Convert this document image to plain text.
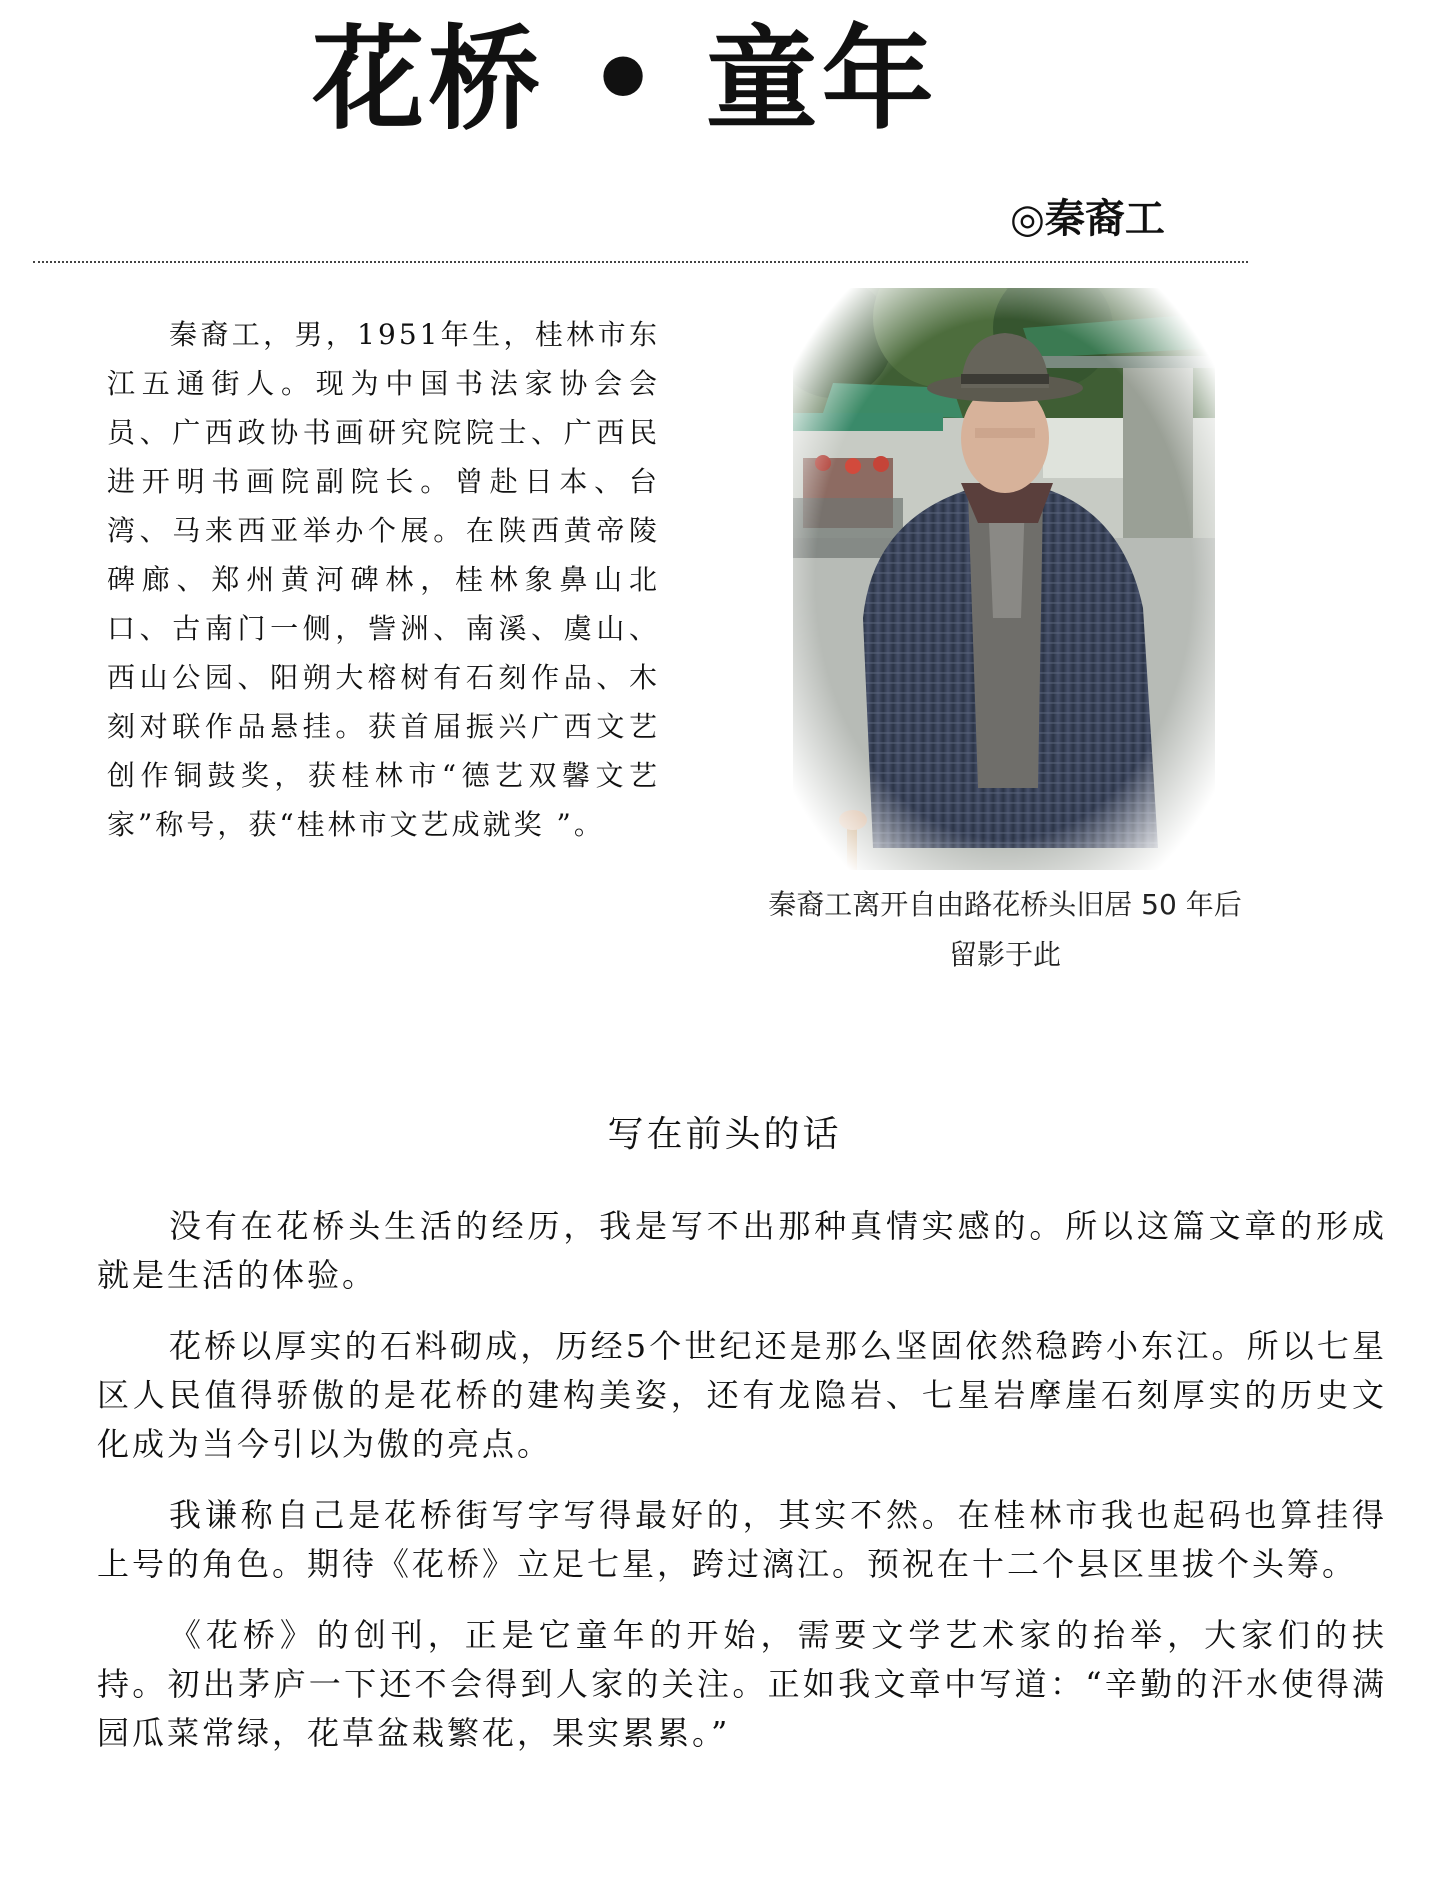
花桥 • 童年
◎秦裔工

秦裔工，男，1951年生，桂林市东江五通街人。现为中国书法家协会会员、广西政协书画研究院院士、广西民进开明书画院副院长。曾赴日本、台湾、马来西亚举办个展。在陕西黄帝陵碑廊、郑州黄河碑林，桂林象鼻山北口、古南门一侧，訾洲、南溪、虞山、西山公园、阳朔大榕树有石刻作品、木刻对联作品悬挂。获首届振兴广西文艺创作铜鼓奖，获桂林市“德艺双馨文艺家”称号，获“桂林市文艺成就奖 ”。

秦裔工离开自由路花桥头旧居 50 年后
留影于此
写在前头的话

没有在花桥头生活的经历，我是写不出那种真情实感的。所以这篇文章的形成就是生活的体验。

花桥以厚实的石料砌成，历经5个世纪还是那么坚固依然稳跨小东江。所以七星区人民值得骄傲的是花桥的建构美姿，还有龙隐岩、七星岩摩崖石刻厚实的历史文化成为当今引以为傲的亮点。

我谦称自己是花桥街写字写得最好的，其实不然。在桂林市我也起码也算挂得上号的角色。期待《花桥》立足七星，跨过漓江。预祝在十二个县区里拔个头筹。

《花桥》的创刊，正是它童年的开始，需要文学艺术家的抬举，大家们的扶持。初出茅庐一下还不会得到人家的关注。正如我文章中写道：“辛勤的汗水使得满园瓜菜常绿，花草盆栽繁花，果实累累。”
